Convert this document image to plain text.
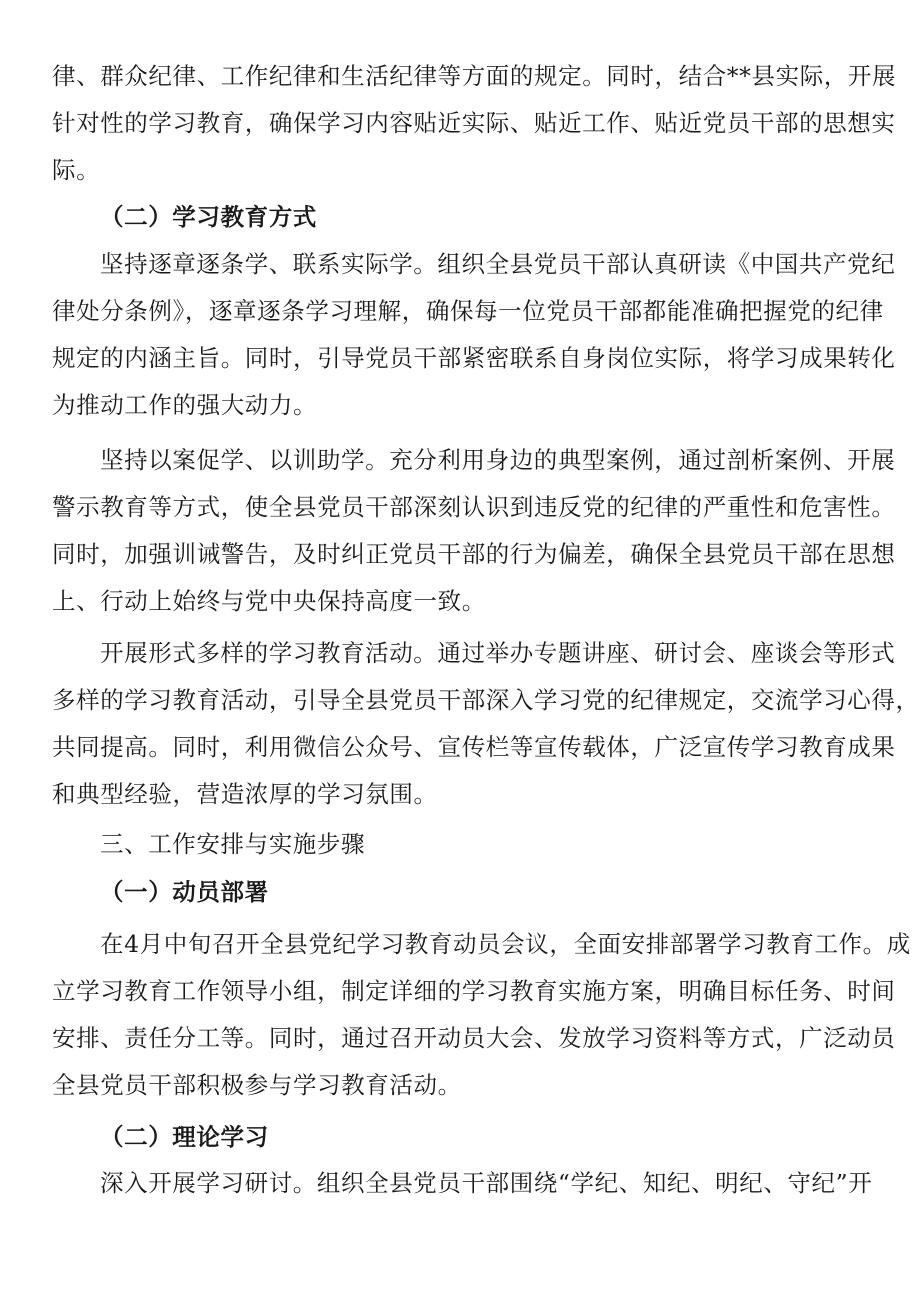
律、群众纪律、工作纪律和生活纪律等方面的规定。同时，结合**县实际，开展
针对性的学习教育，确保学习内容贴近实际、贴近工作、贴近党员干部的思想实
际。
（二）学习教育方式
坚持逐章逐条学、联系实际学。组织全县党员干部认真研读《中国共产党纪
律处分条例》，逐章逐条学习理解，确保每一位党员干部都能准确把握党的纪律
规定的内涵主旨。同时，引导党员干部紧密联系自身岗位实际，将学习成果转化
为推动工作的强大动力。
坚持以案促学、以训助学。充分利用身边的典型案例，通过剖析案例、开展
警示教育等方式，使全县党员干部深刻认识到违反党的纪律的严重性和危害性。
同时，加强训诫警告，及时纠正党员干部的行为偏差，确保全县党员干部在思想
上、行动上始终与党中央保持高度一致。
开展形式多样的学习教育活动。通过举办专题讲座、研讨会、座谈会等形式
多样的学习教育活动，引导全县党员干部深入学习党的纪律规定，交流学习心得，
共同提高。同时，利用微信公众号、宣传栏等宣传载体，广泛宣传学习教育成果
和典型经验，营造浓厚的学习氛围。
三、工作安排与实施步骤
（一）动员部署
在4月中旬召开全县党纪学习教育动员会议，全面安排部署学习教育工作。成
立学习教育工作领导小组，制定详细的学习教育实施方案，明确目标任务、时间
安排、责任分工等。同时，通过召开动员大会、发放学习资料等方式，广泛动员
全县党员干部积极参与学习教育活动。
（二）理论学习
深入开展学习研讨。组织全县党员干部围绕“学纪、知纪、明纪、守纪”开
